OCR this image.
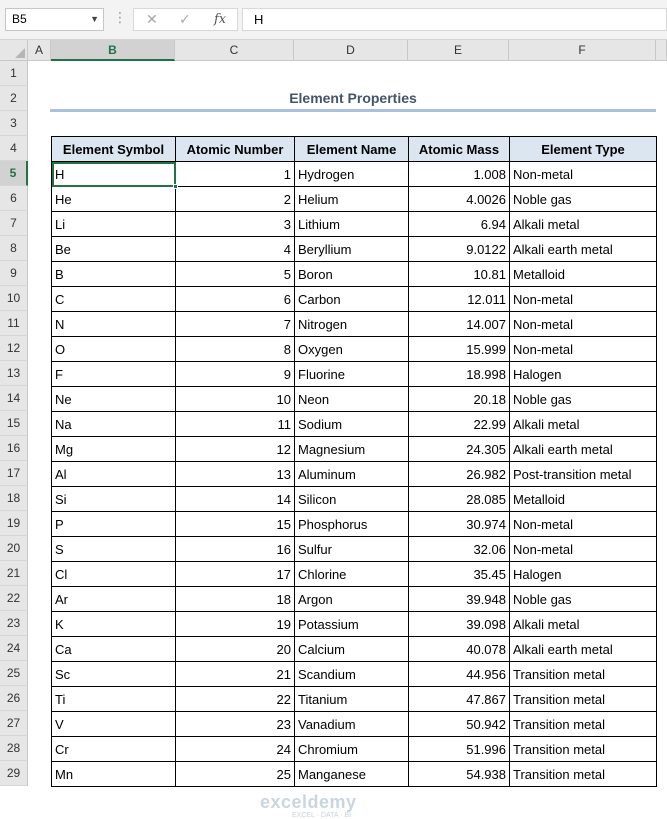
B5	▼ ⋮ ✕ ✓ fx	H
A	B	C	D	E	F
1
2
3
4
5
6
7
8
9
10
11
12
13
14
15
16
17
18
19
20
21
22
23
24
25
26
27
28
29
Element Properties
Element Symbol	Atomic Number	Element Name	Atomic Mass	Element Type
H	1	Hydrogen	1.008	Non-metal
He	2	Helium	4.0026	Noble gas
Li	3	Lithium	6.94	Alkali metal
Be	4	Beryllium	9.0122	Alkali earth metal
B	5	Boron	10.81	Metalloid
C	6	Carbon	12.011	Non-metal
N	7	Nitrogen	14.007	Non-metal
O	8	Oxygen	15.999	Non-metal
F	9	Fluorine	18.998	Halogen
Ne	10	Neon	20.18	Noble gas
Na	11	Sodium	22.99	Alkali metal
Mg	12	Magnesium	24.305	Alkali earth metal
Al	13	Aluminum	26.982	Post-transition metal
Si	14	Silicon	28.085	Metalloid
P	15	Phosphorus	30.974	Non-metal
S	16	Sulfur	32.06	Non-metal
Cl	17	Chlorine	35.45	Halogen
Ar	18	Argon	39.948	Noble gas
K	19	Potassium	39.098	Alkali metal
Ca	20	Calcium	40.078	Alkali earth metal
Sc	21	Scandium	44.956	Transition metal
Ti	22	Titanium	47.867	Transition metal
V	23	Vanadium	50.942	Transition metal
Cr	24	Chromium	51.996	Transition metal
Mn	25	Manganese	54.938	Transition metal
exceldemy
EXCEL · DATA · BI
